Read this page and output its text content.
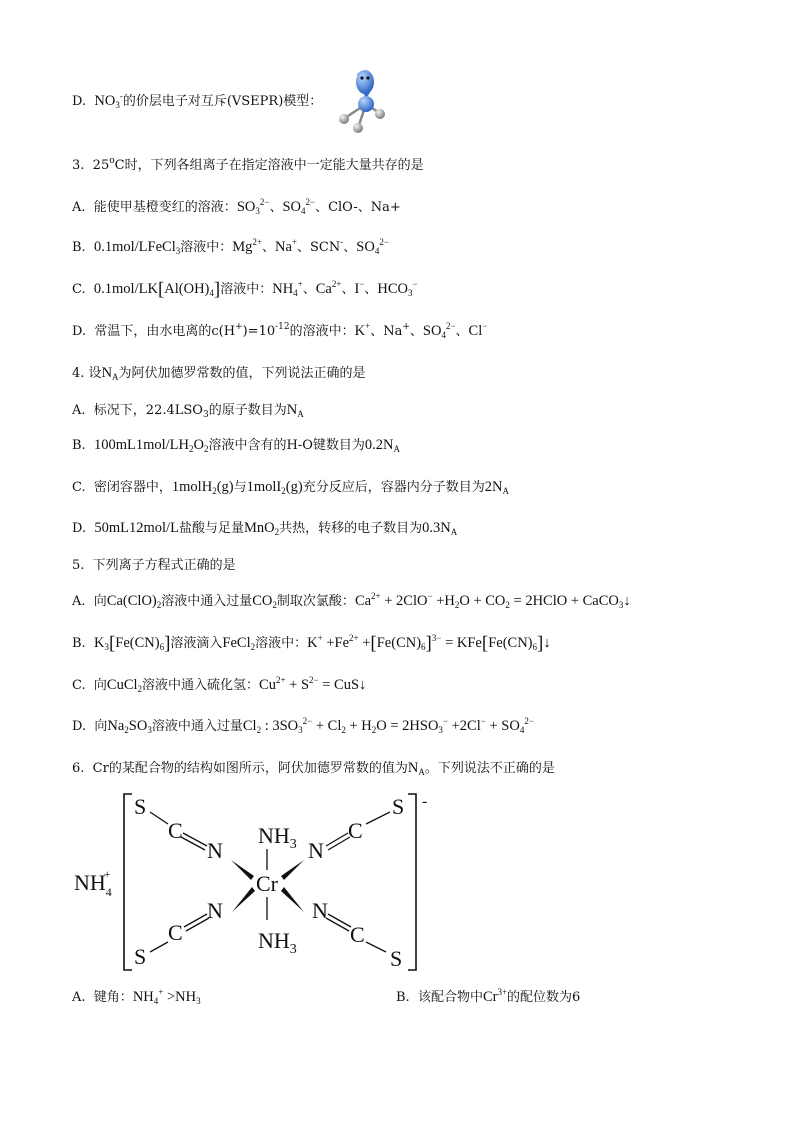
D. $NO_3^-$的价层电子对互斥(VSEPR)模型：
3. 25$^o$C时，下列各组离子在指定溶液中一定能大量共存的是
A. 能使甲基橙变红的溶液：$SO_3^{2-}$、$SO_4^{2-}$、ClO-、Na+
B. 0.1mol/LFeCl$_3$溶液中：$Mg^{2+}$、Na+、SCN-、$SO_4^{2-}$
C. $0.1mol/LK[Al(OH)_4]$溶液中：$NH_4^+$、$Ca^{2+}$、I−、$HCO_3^-$
D.  常温下，由水电离的$c(H^+)=10^{-12}$的溶液中：K+、Na+、$SO_4^{2-}$、Cl−
4. 设$N_A$为阿伏加德罗常数的值，下列说法正确的是
A. 标况下，$22.4LSO_3$的原子数目为$N_A$
B. $100mL1mol/LH_2O_2$溶液中含有的H-O键数目为$0.2N_A$
C. 密闭容器中，1molH$_2$(g)与1molI$_2$(g)充分反应后，容器内分子数目为$2N_A$
D. 50mL12mol/L盐酸与足量MnO$_2$共热，转移的电子数目为$0.3N_A$
5. 下列离子方程式正确的是
A. 向$Ca(ClO)_2$溶液中通入过量$CO_2$制取次氯酸：$Ca^{2+} + 2ClO^- +H_2O + CO_2$ = 2HClO + CaCO$_3$↓
B. $K_3[Fe(CN)_6]$溶液滴入FeCl$_2$溶液中：$K^+ +Fe^{2+} +[Fe(CN)_6]^{3-}$ = $KFe[Fe(CN)_6]↓$
C. 向CuCl$_2$溶液中通入硫化氢：$Cu^{2+} + S^{2-}$ = CuS↓
D. 向$Na_2SO_3$溶液中通入过量$Cl_2$ : $3SO_3^{2-} + Cl_2 + H_2O = 2HSO_3^- +2Cl^- + SO_4^{2-}$
6. Cr的某配合物的结构如图所示，阿伏加德罗常数的值为$N_A$。下列说法不正确的是
-
$NH_4+$	Cr
$NH_3$
$NH_3$
S
C
N
S
C
N
N
C
S
N
C
S
A. 键角：$NH_4^+ >NH_3$	B.  该配合物中$Cr^{3+}$的配位数为6
